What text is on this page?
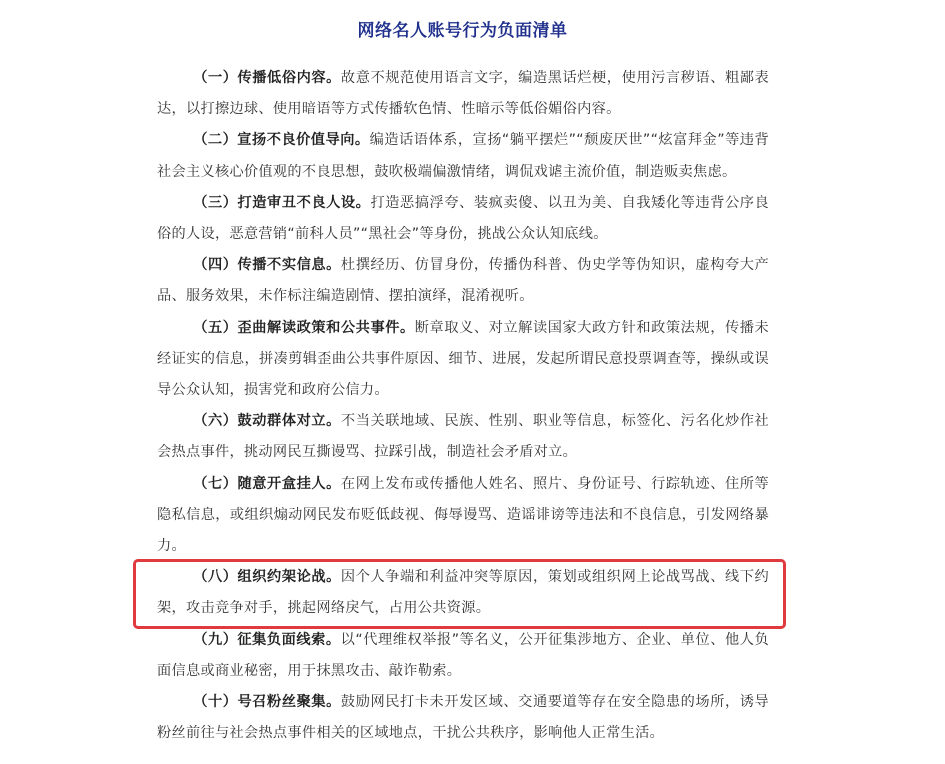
网络名人账号行为负面清单

（一）传播低俗内容。故意不规范使用语言文字，编造黑话烂梗，使用污言秽语、粗鄙表达，以打擦边球、使用暗语等方式传播软色情、性暗示等低俗媚俗内容。

（二）宣扬不良价值导向。编造话语体系，宣扬“躺平摆烂”“颓废厌世”“炫富拜金”等违背社会主义核心价值观的不良思想，鼓吹极端偏激情绪，调侃戏谑主流价值，制造贩卖焦虑。

（三）打造审丑不良人设。打造恶搞浮夸、装疯卖傻、以丑为美、自我矮化等违背公序良俗的人设，恶意营销“前科人员”“黑社会”等身份，挑战公众认知底线。

（四）传播不实信息。杜撰经历、仿冒身份，传播伪科普、伪史学等伪知识，虚构夸大产品、服务效果，未作标注编造剧情、摆拍演绎，混淆视听。

（五）歪曲解读政策和公共事件。断章取义、对立解读国家大政方针和政策法规，传播未经证实的信息，拼凑剪辑歪曲公共事件原因、细节、进展，发起所谓民意投票调查等，操纵或误导公众认知，损害党和政府公信力。

（六）鼓动群体对立。不当关联地域、民族、性别、职业等信息，标签化、污名化炒作社会热点事件，挑动网民互撕谩骂、拉踩引战，制造社会矛盾对立。

（七）随意开盒挂人。在网上发布或传播他人姓名、照片、身份证号、行踪轨迹、住所等隐私信息，或组织煽动网民发布贬低歧视、侮辱谩骂、造谣诽谤等违法和不良信息，引发网络暴力。

（八）组织约架论战。因个人争端和利益冲突等原因，策划或组织网上论战骂战、线下约架，攻击竞争对手，挑起网络戾气，占用公共资源。

（九）征集负面线索。以“代理维权举报”等名义，公开征集涉地方、企业、单位、他人负面信息或商业秘密，用于抹黑攻击、敲诈勒索。

（十）号召粉丝聚集。鼓励网民打卡未开发区域、交通要道等存在安全隐患的场所，诱导粉丝前往与社会热点事件相关的区域地点，干扰公共秩序，影响他人正常生活。
